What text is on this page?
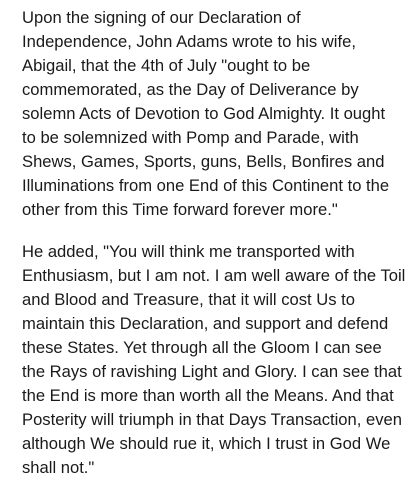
Upon the signing of our Declaration of
Independence, John Adams wrote to his wife,
Abigail, that the 4th of July "ought to be
commemorated, as the Day of Deliverance by
solemn Acts of Devotion to God Almighty. It ought
to be solemnized with Pomp and Parade, with
Shews, Games, Sports, guns, Bells, Bonfires and
Illuminations from one End of this Continent to the
other from this Time forward forever more."
He added, "You will think me transported with
Enthusiasm, but I am not. I am well aware of the Toil
and Blood and Treasure, that it will cost Us to
maintain this Declaration, and support and defend
these States. Yet through all the Gloom I can see
the Rays of ravishing Light and Glory. I can see that
the End is more than worth all the Means. And that
Posterity will triumph in that Days Transaction, even
although We should rue it, which I trust in God We
shall not."
